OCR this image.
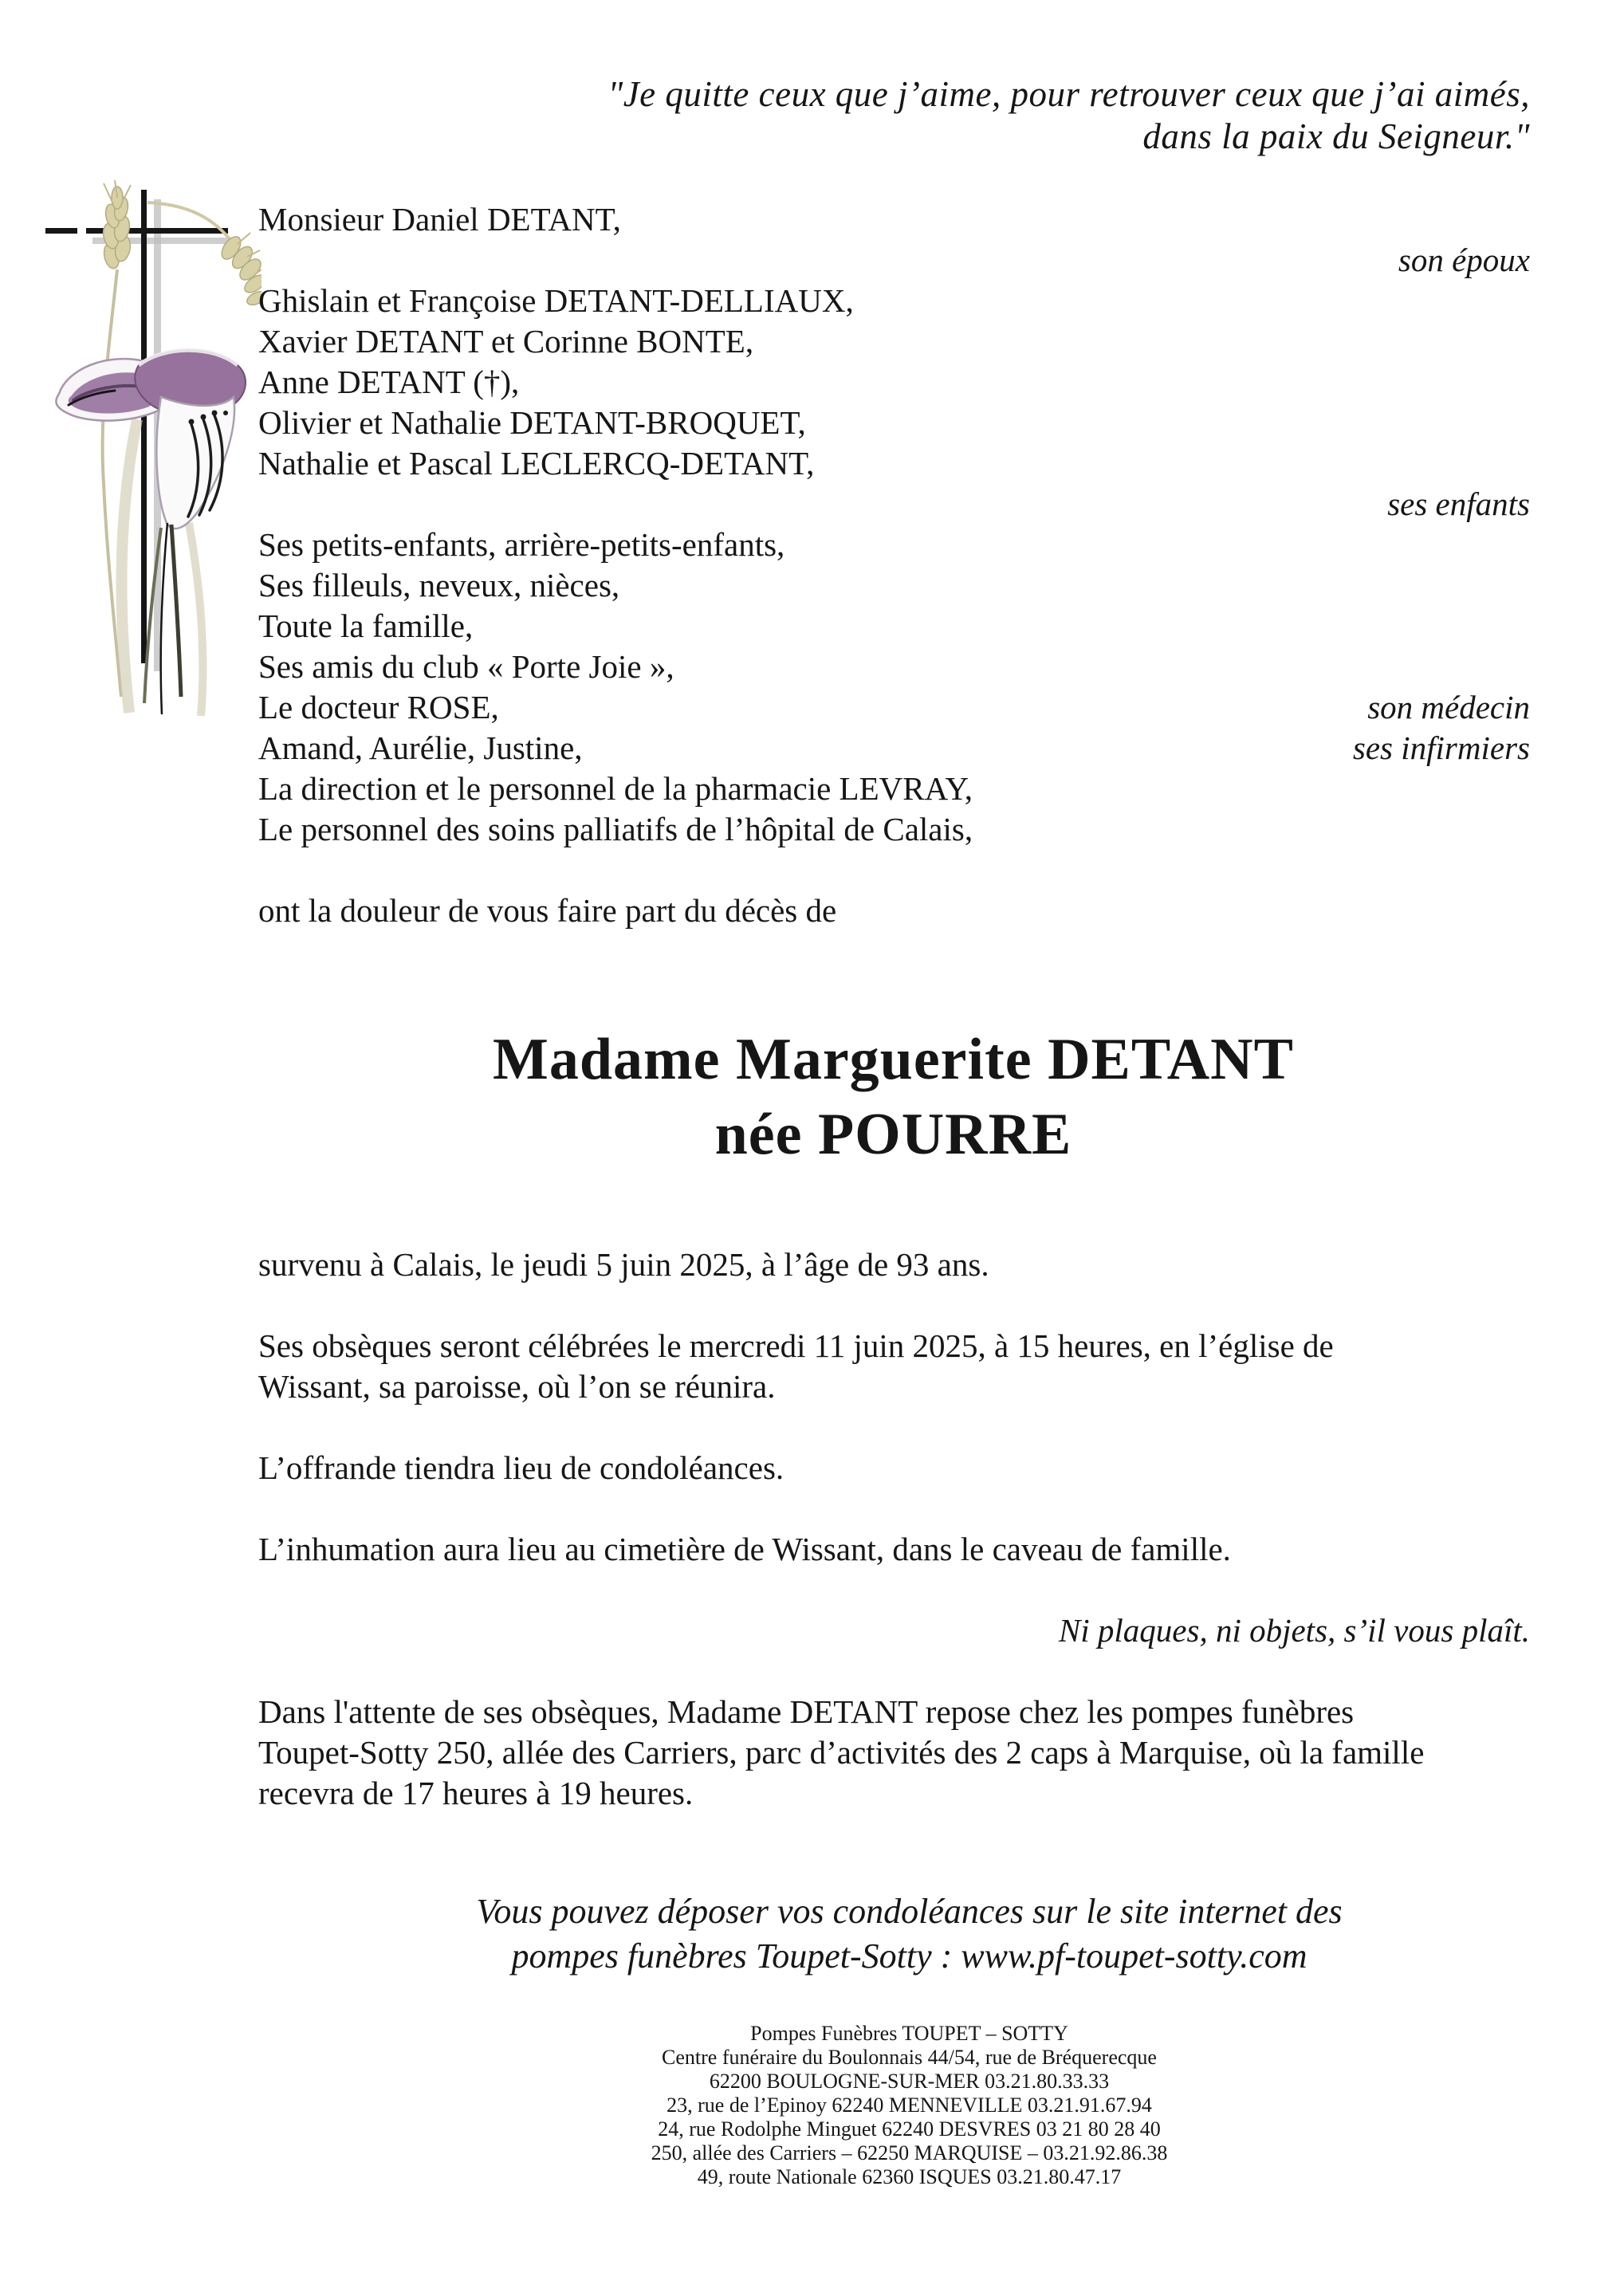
"Je quitte ceux que j’aime, pour retrouver ceux que j’ai aimés,
dans la paix du Seigneur."
Monsieur Daniel DETANT,
son époux
Ghislain et Françoise DETANT-DELLIAUX,
Xavier DETANT et Corinne BONTE,
Anne DETANT (†),
Olivier et Nathalie DETANT-BROQUET,
Nathalie et Pascal LECLERCQ-DETANT,
ses enfants
Ses petits-enfants, arrière-petits-enfants,
Ses filleuls, neveux, nièces,
Toute la famille,
Ses amis du club « Porte Joie »,
Le docteur ROSE,	son médecin
Amand, Aurélie, Justine,	ses infirmiers
La direction et le personnel de la pharmacie LEVRAY,
Le personnel des soins palliatifs de l’hôpital de Calais,
ont la douleur de vous faire part du décès de
Madame Marguerite DETANT
née POURRE
survenu à Calais, le jeudi 5 juin 2025, à l’âge de 93 ans.
Ses obsèques seront célébrées le mercredi 11 juin 2025, à 15 heures, en l’église de
Wissant, sa paroisse, où l’on se réunira.
L’offrande tiendra lieu de condoléances.
L’inhumation aura lieu au cimetière de Wissant, dans le caveau de famille.
Ni plaques, ni objets, s’il vous plaît.
Dans l'attente de ses obsèques, Madame DETANT repose chez les pompes funèbres
Toupet-Sotty 250, allée des Carriers, parc d’activités des 2 caps à Marquise, où la famille
recevra de 17 heures à 19 heures.
Vous pouvez déposer vos condoléances sur le site internet des
pompes funèbres Toupet-Sotty : www.pf-toupet-sotty.com
Pompes Funèbres TOUPET – SOTTY
Centre funéraire du Boulonnais 44/54, rue de Bréquerecque
62200 BOULOGNE-SUR-MER 03.21.80.33.33
23, rue de l’Epinoy 62240 MENNEVILLE 03.21.91.67.94
24, rue Rodolphe Minguet 62240 DESVRES 03 21 80 28 40
250, allée des Carriers – 62250 MARQUISE – 03.21.92.86.38
49, route Nationale 62360 ISQUES 03.21.80.47.17
